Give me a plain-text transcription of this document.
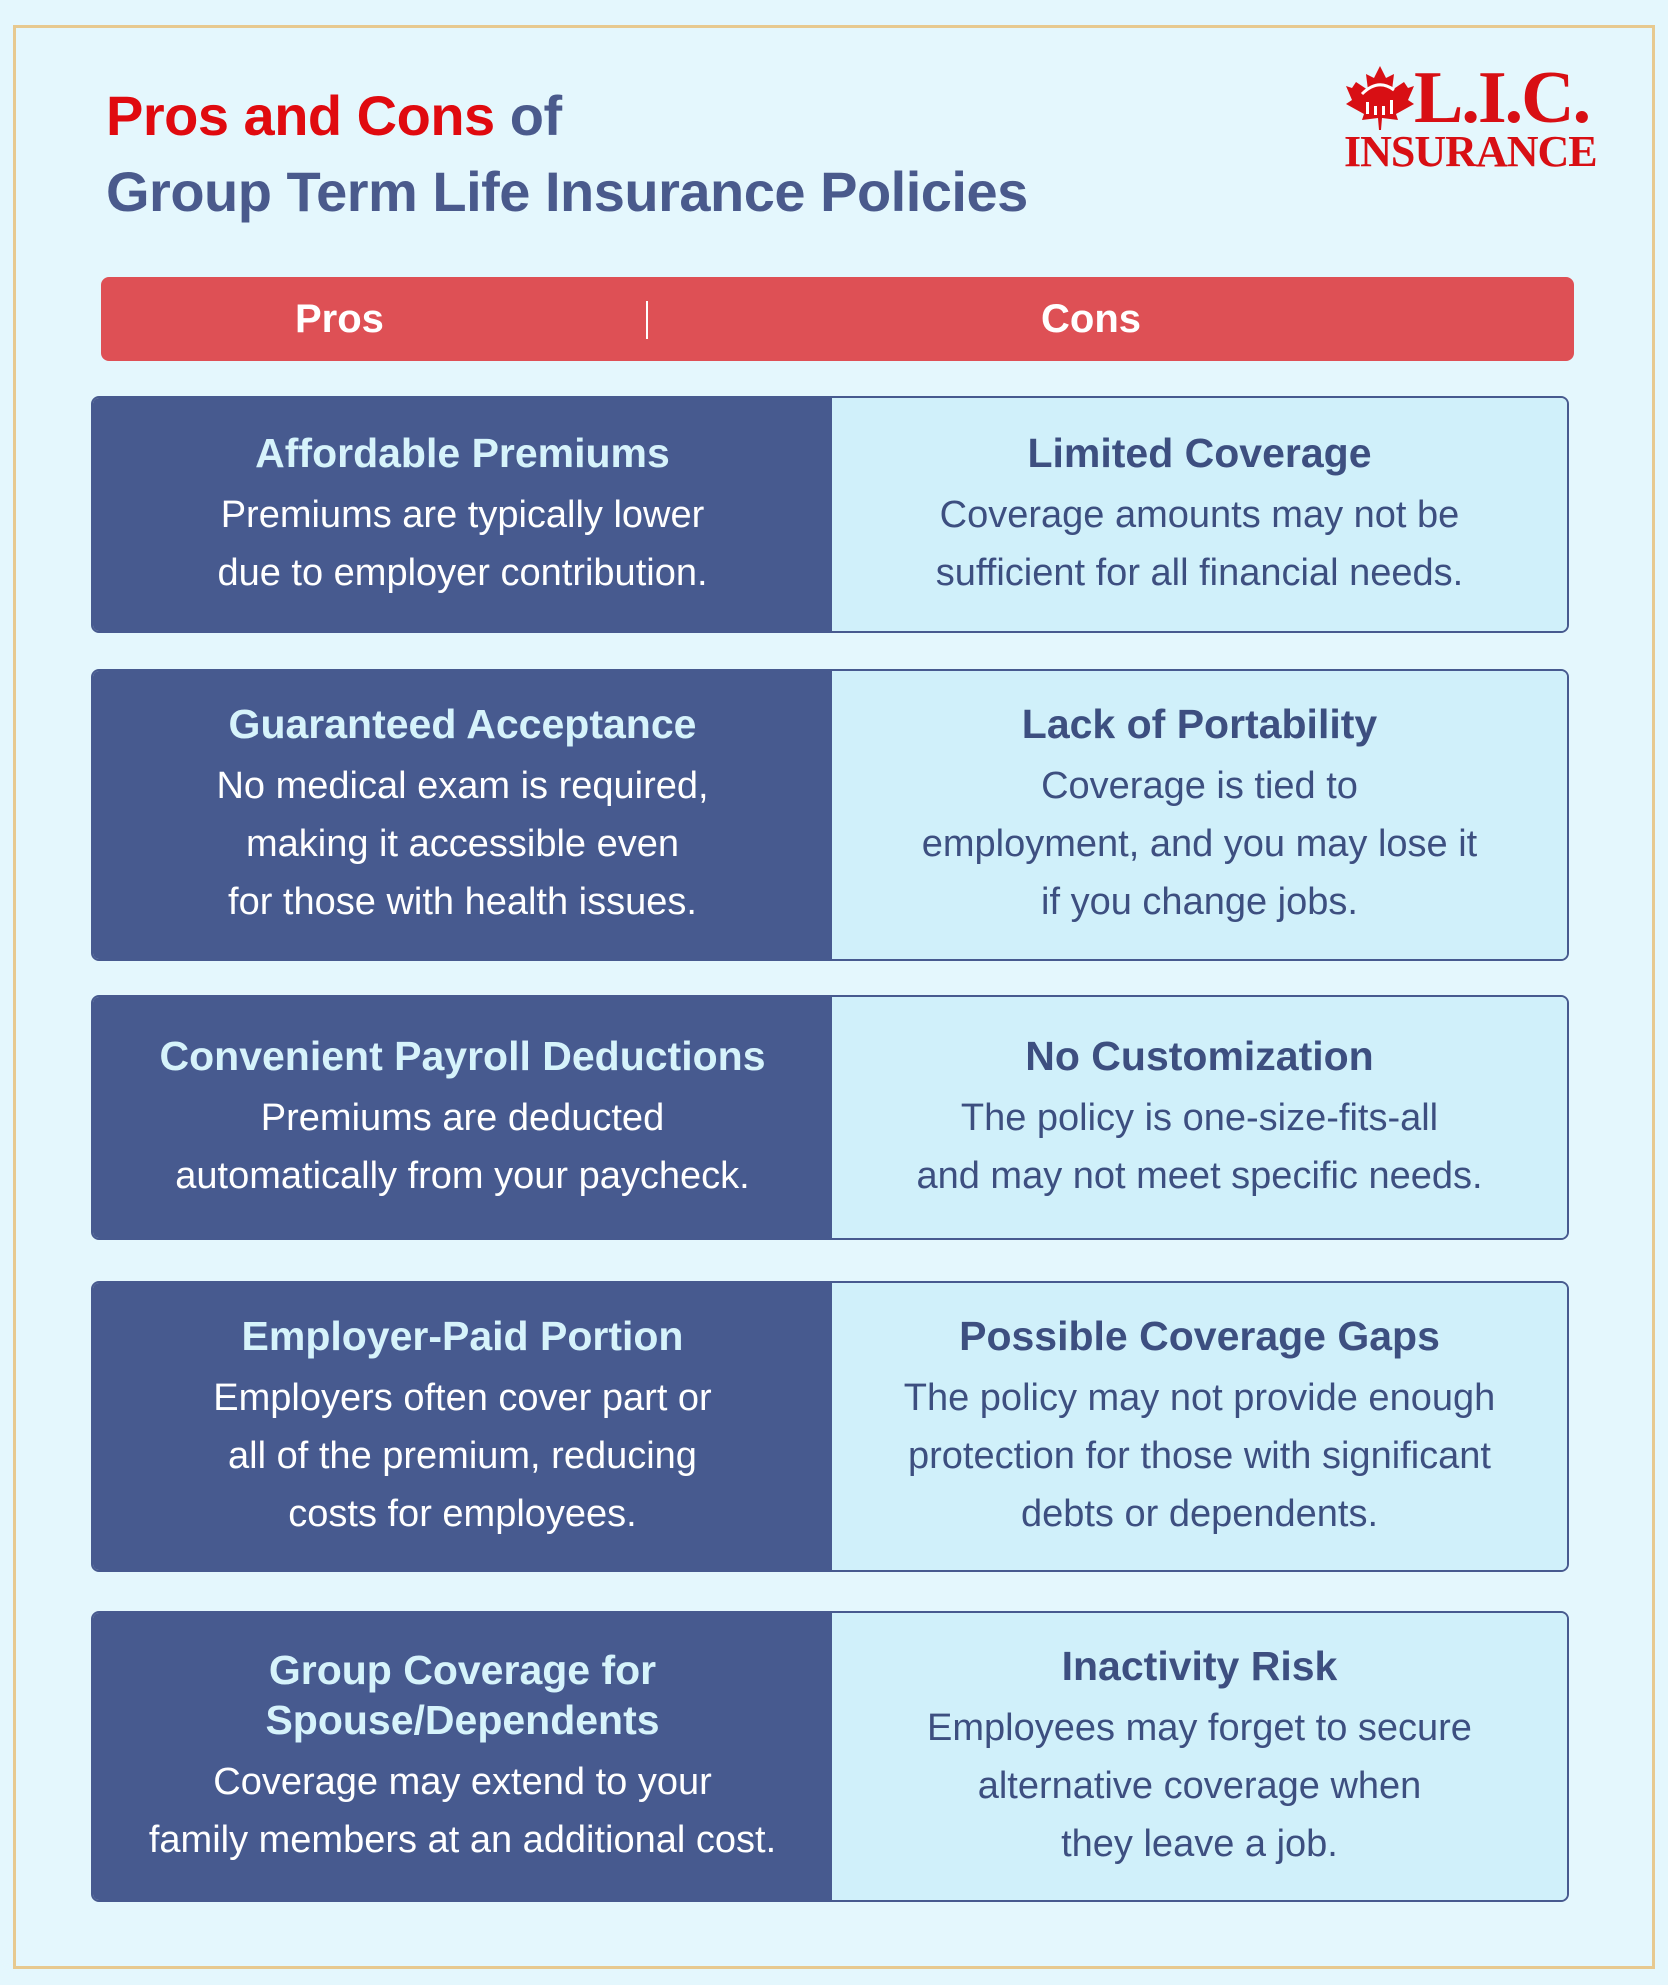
Pros and Cons of
Group Term Life Insurance Policies
L.I.C.
INSURANCE
Pros	Cons
Affordable Premiums
Premiums are typically lower
due to employer contribution.
Limited Coverage
Coverage amounts may not be
sufficient for all financial needs.
Guaranteed Acceptance
No medical exam is required,
making it accessible even
for those with health issues.
Lack of Portability
Coverage is tied to
employment, and you may lose it
if you change jobs.
Convenient Payroll Deductions
Premiums are deducted
automatically from your paycheck.
No Customization
The policy is one-size-fits-all
and may not meet specific needs.
Employer-Paid Portion
Employers often cover part or
all of the premium, reducing
costs for employees.
Possible Coverage Gaps
The policy may not provide enough
protection for those with significant
debts or dependents.
Group Coverage for
Spouse/Dependents
Coverage may extend to your
family members at an additional cost.
Inactivity Risk
Employees may forget to secure
alternative coverage when
they leave a job.
